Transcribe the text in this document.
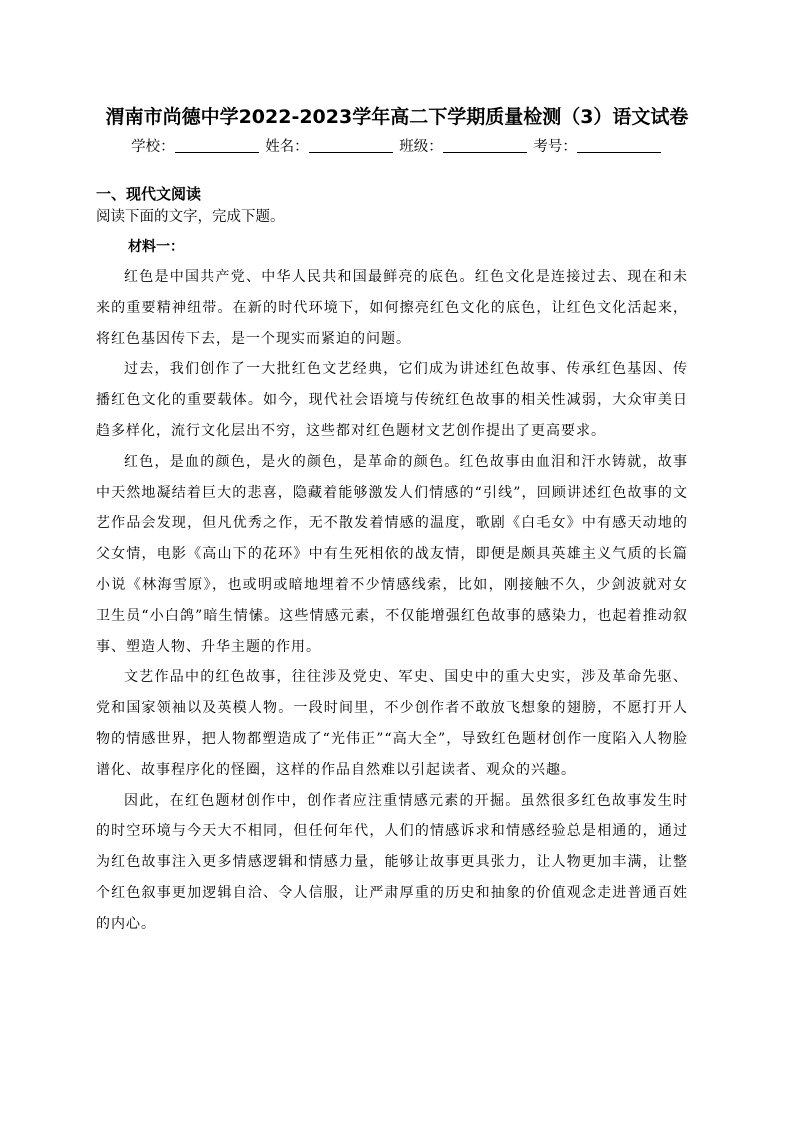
渭南市尚德中学2022-2023学年高二下学期质量检测（3）语文试卷
学校：	姓名：	班级：	考号：
一、现代文阅读
阅读下面的文字，完成下题。
材料一：

红色是中国共产党、中华人民共和国最鲜亮的底色。红色文化是连接过去、现在和未来的重要精神纽带。在新的时代环境下，如何擦亮红色文化的底色，让红色文化活起来，将红色基因传下去，是一个现实而紧迫的问题。

过去，我们创作了一大批红色文艺经典，它们成为讲述红色故事、传承红色基因、传播红色文化的重要载体。如今，现代社会语境与传统红色故事的相关性减弱，大众审美日趋多样化，流行文化层出不穷，这些都对红色题材文艺创作提出了更高要求。

红色，是血的颜色，是火的颜色，是革命的颜色。红色故事由血泪和汗水铸就，故事中天然地凝结着巨大的悲喜，隐藏着能够激发人们情感的“引线”，回顾讲述红色故事的文艺作品会发现，但凡优秀之作，无不散发着情感的温度，歌剧《白毛女》中有感天动地的父女情，电影《高山下的花环》中有生死相依的战友情，即便是颇具英雄主义气质的长篇小说《林海雪原》，也或明或暗地埋着不少情感线索，比如，刚接触不久，少剑波就对女卫生员“小白鸽”暗生情愫。这些情感元素，不仅能增强红色故事的感染力，也起着推动叙事、塑造人物、升华主题的作用。

文艺作品中的红色故事，往往涉及党史、军史、国史中的重大史实，涉及革命先驱、党和国家领袖以及英模人物。一段时间里，不少创作者不敢放飞想象的翅膀，不愿打开人物的情感世界，把人物都塑造成了“光伟正”“高大全”，导致红色题材创作一度陷入人物脸谱化、故事程序化的怪圈，这样的作品自然难以引起读者、观众的兴趣。

因此，在红色题材创作中，创作者应注重情感元素的开掘。虽然很多红色故事发生时的时空环境与今天大不相同，但任何年代，人们的情感诉求和情感经验总是相通的，通过为红色故事注入更多情感逻辑和情感力量，能够让故事更具张力，让人物更加丰满，让整个红色叙事更加逻辑自洽、令人信服，让严肃厚重的历史和抽象的价值观念走进普通百姓的内心。
